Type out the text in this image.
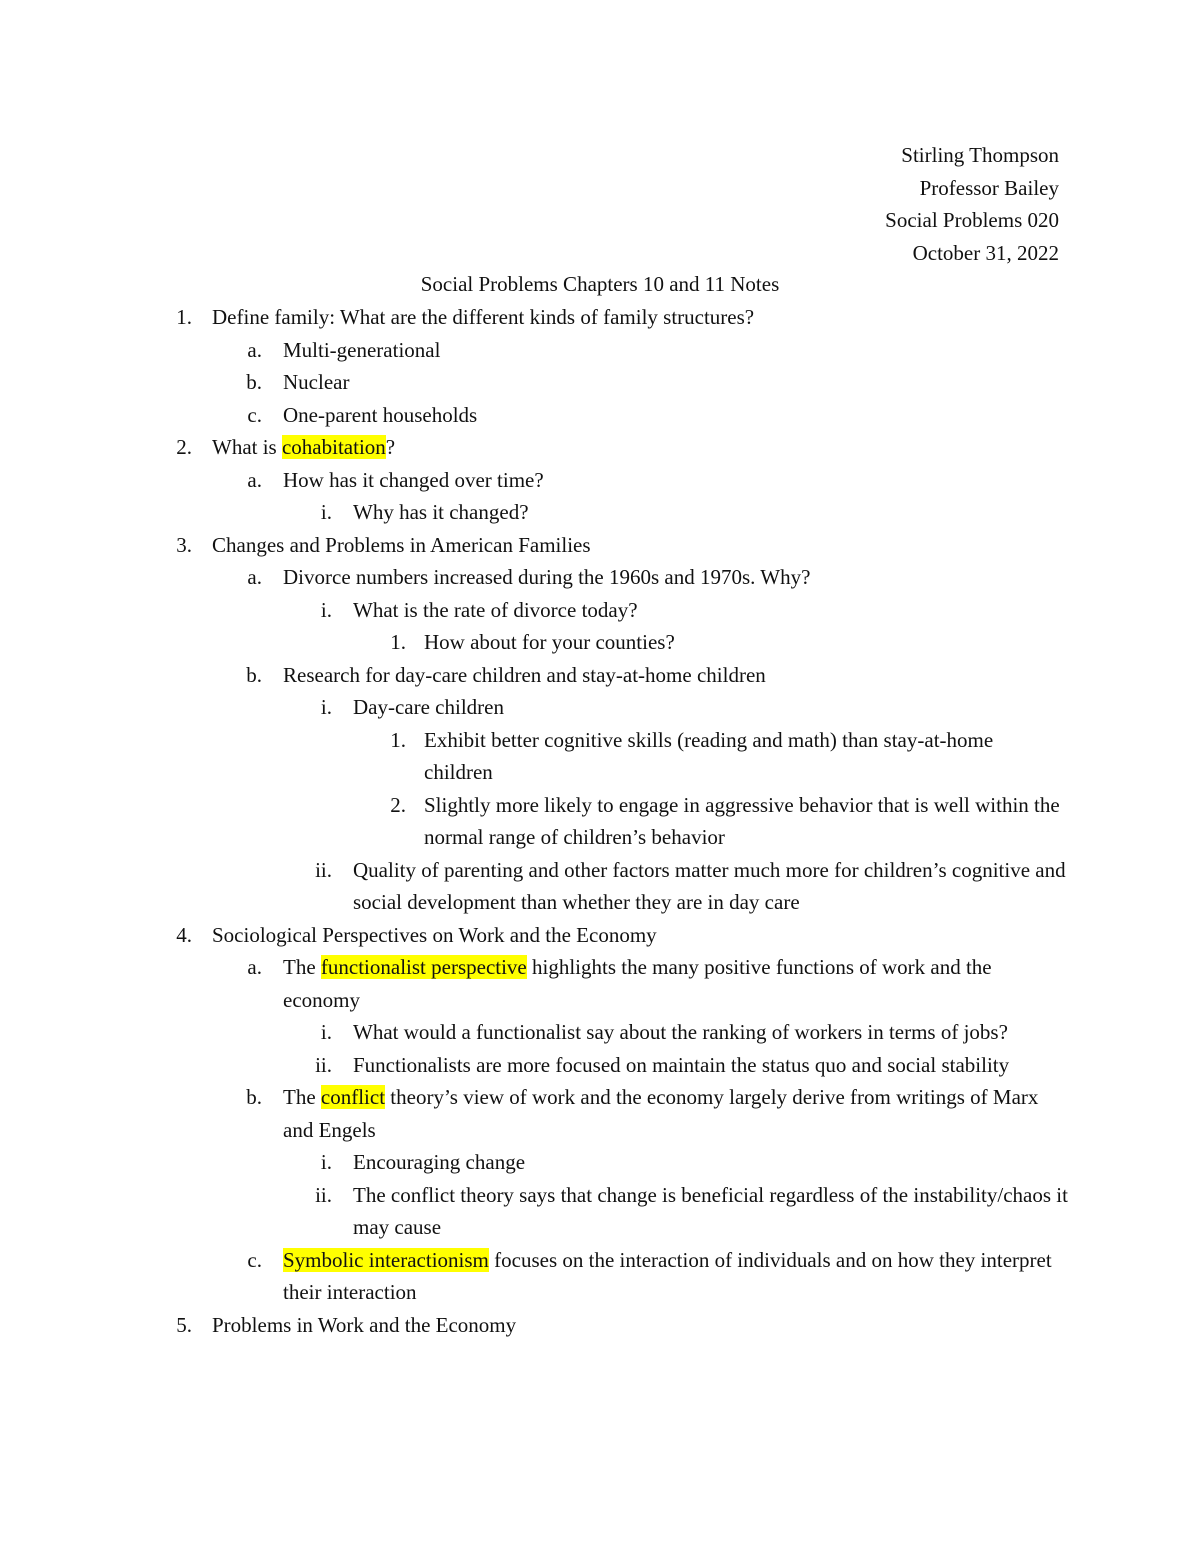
Stirling Thompson
Professor Bailey
Social Problems 020
October 31, 2022
Social Problems Chapters 10 and 11 Notes
1. Define family: What are the different kinds of family structures?
a. Multi-generational
b. Nuclear
c. One-parent households
2. What is cohabitation?
a. How has it changed over time?
i. Why has it changed?
3. Changes and Problems in American Families
a. Divorce numbers increased during the 1960s and 1970s. Why?
i. What is the rate of divorce today?
1. How about for your counties?
b. Research for day-care children and stay-at-home children
i. Day-care children
1. Exhibit better cognitive skills (reading and math) than stay-at-home children
2. Slightly more likely to engage in aggressive behavior that is well within the normal range of children’s behavior
ii. Quality of parenting and other factors matter much more for children’s cognitive and social development than whether they are in day care
4. Sociological Perspectives on Work and the Economy
a. The functionalist perspective highlights the many positive functions of work and the economy
i. What would a functionalist say about the ranking of workers in terms of jobs?
ii. Functionalists are more focused on maintain the status quo and social stability
b. The conflict theory’s view of work and the economy largely derive from writings of Marx and Engels
i. Encouraging change
ii. The conflict theory says that change is beneficial regardless of the instability/chaos it may cause
c. Symbolic interactionism focuses on the interaction of individuals and on how they interpret their interaction
5. Problems in Work and the Economy
